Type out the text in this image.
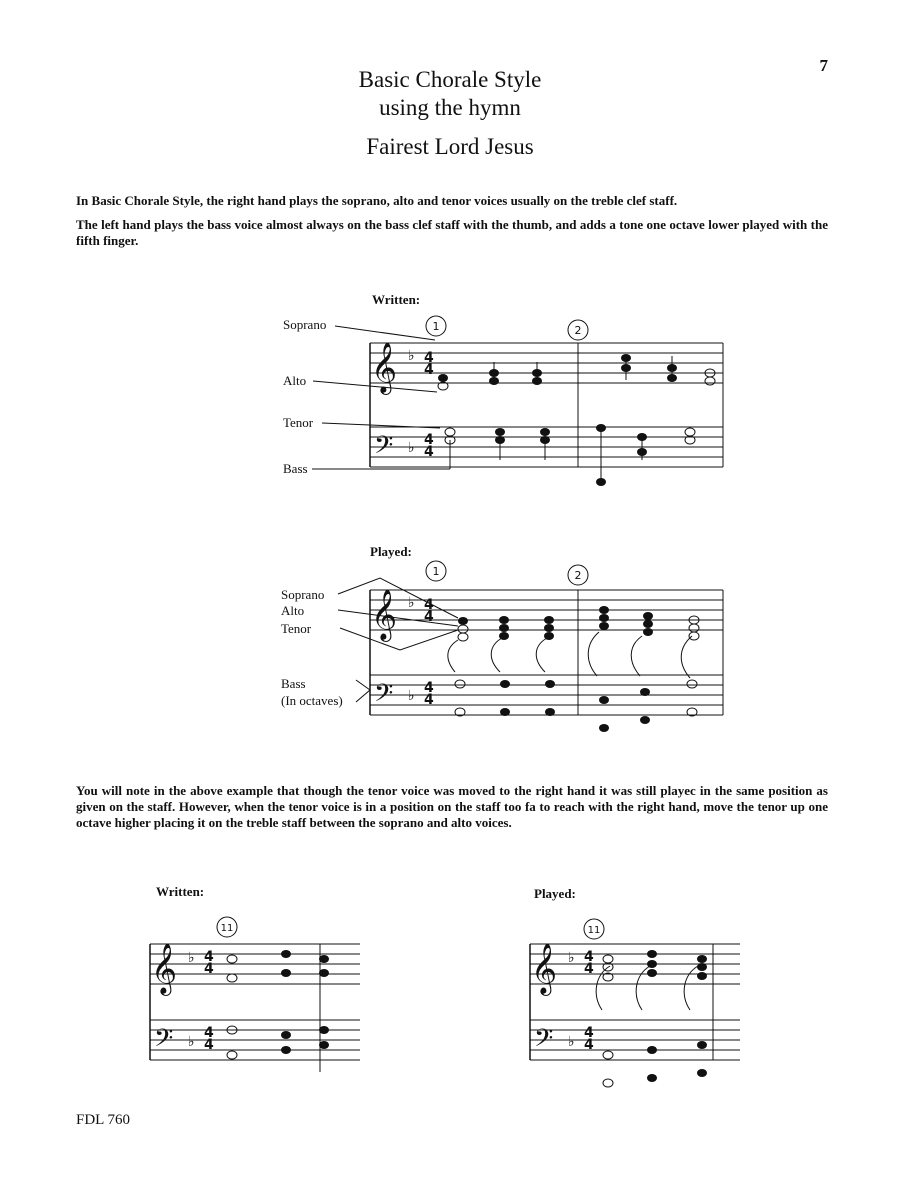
7
Basic Chorale Style
using the hymn
Fairest Lord Jesus
In Basic Chorale Style, the right hand plays the soprano, alto and tenor voices usually on the treble clef staff.
The left hand plays the bass voice almost always on the bass clef staff with the thumb, and adds a tone one octave lower played with the fifth finger.
You will note in the above example that though the tenor voice was moved to the right hand it was still playec in the same position as given on the staff. However, when the tenor voice is in a position on the staff too fa to reach with the right hand, move the tenor up one octave higher placing it on the treble staff between the soprano and alto voices.
Written:
Soprano
Alto
Tenor
Bass
Played:
Soprano
Alto
Tenor
Bass
(In octaves)
Written:	Played:
𝄞
𝄢
𝄞
𝄢
𝄞
𝄢
𝄞
𝄢
♭ 4
4
♭ 4
4
♭ 4
4
♭ 4
4
♭ 4
4
♭
4
4
♭ 4
4
♭
4
4
1	2
1	2
11	11
FDL 760
